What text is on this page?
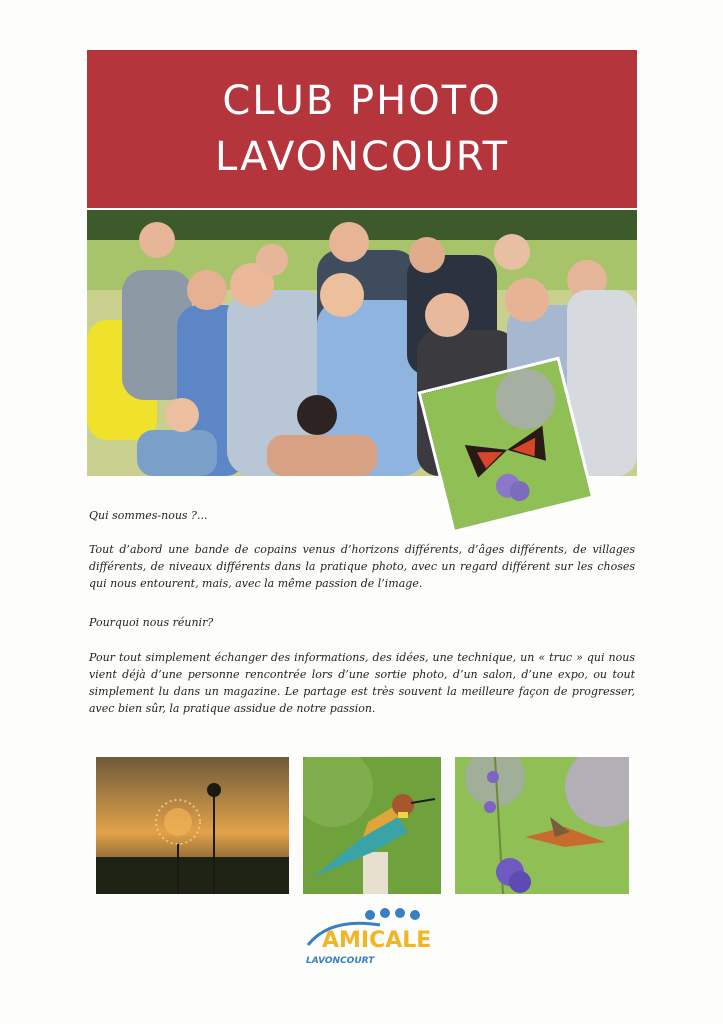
CLUB PHOTO
LAVONCOURT
Qui sommes-nous ?...
Tout d’abord une bande de copains venus d’horizons différents, d’âges différents, de villages différents, de niveaux différents dans la pratique photo, avec un regard différent sur les choses qui nous entourent, mais, avec la même passion de l’image.
Pourquoi nous réunir?
Pour tout simplement échanger des informations, des idées, une technique, un « truc » qui nous vient déjà d’une personne rencontrée lors d’une sortie photo, d’un salon, d’une expo, ou tout simplement lu dans un magazine. Le partage est très souvent la meilleure façon de progresser, avec bien sûr, la pratique assidue de notre passion.
AMICALE
LAVONCOURT
